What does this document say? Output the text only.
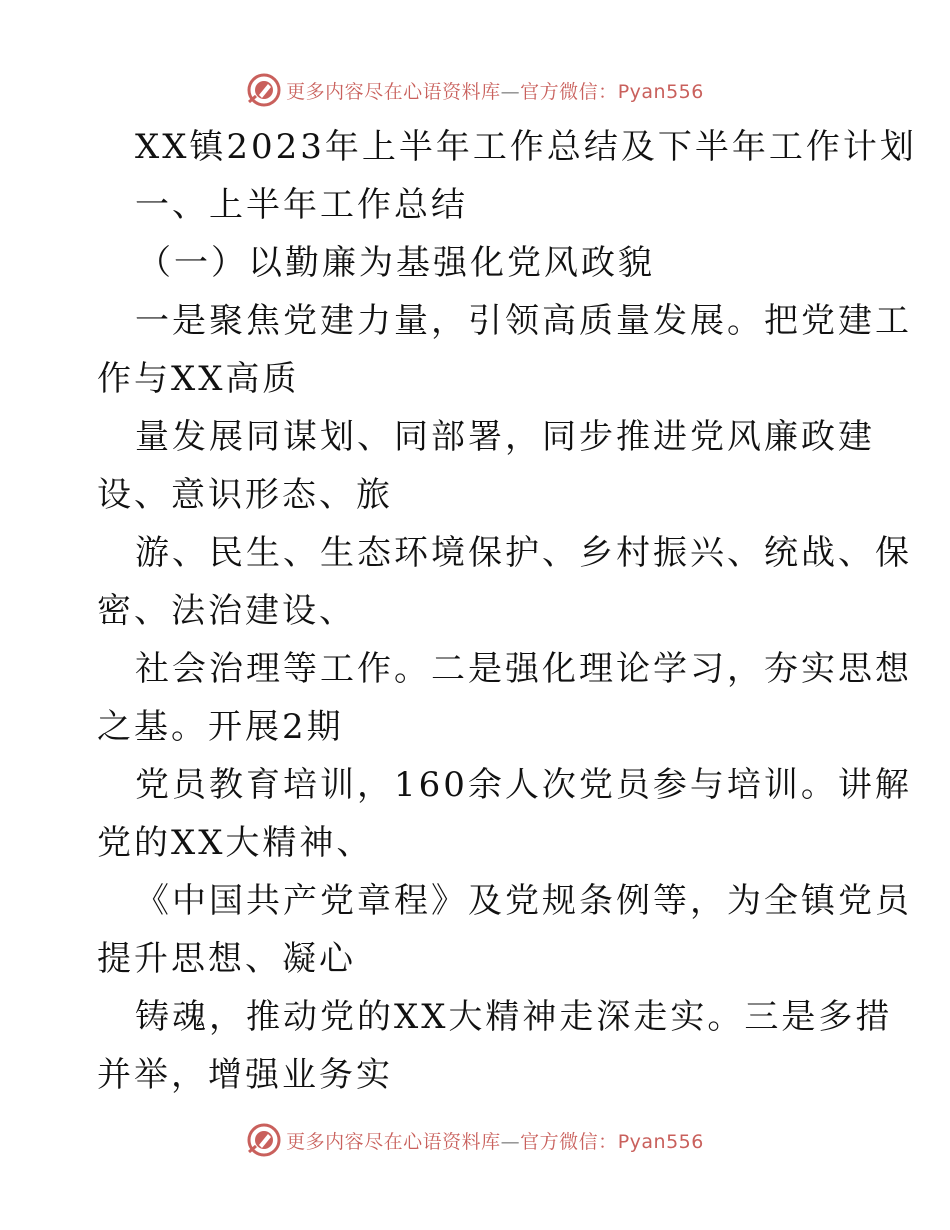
更多内容尽在心语资料库—官方微信：Pyan556
XX镇2023年上半年工作总结及下半年工作计划
一、上半年工作总结
（一）以勤廉为基强化党风政貌
一是聚焦党建力量，引领高质量发展。把党建工
作与XX高质
量发展同谋划、同部署，同步推进党风廉政建
设、意识形态、旅
游、民生、生态环境保护、乡村振兴、统战、保
密、法治建设、
社会治理等工作。二是强化理论学习，夯实思想
之基。开展2期
党员教育培训，160余人次党员参与培训。讲解
党的XX大精神、
《中国共产党章程》及党规条例等，为全镇党员
提升思想、凝心
铸魂，推动党的XX大精神走深走实。三是多措
并举，增强业务实
更多内容尽在心语资料库—官方微信：Pyan556
